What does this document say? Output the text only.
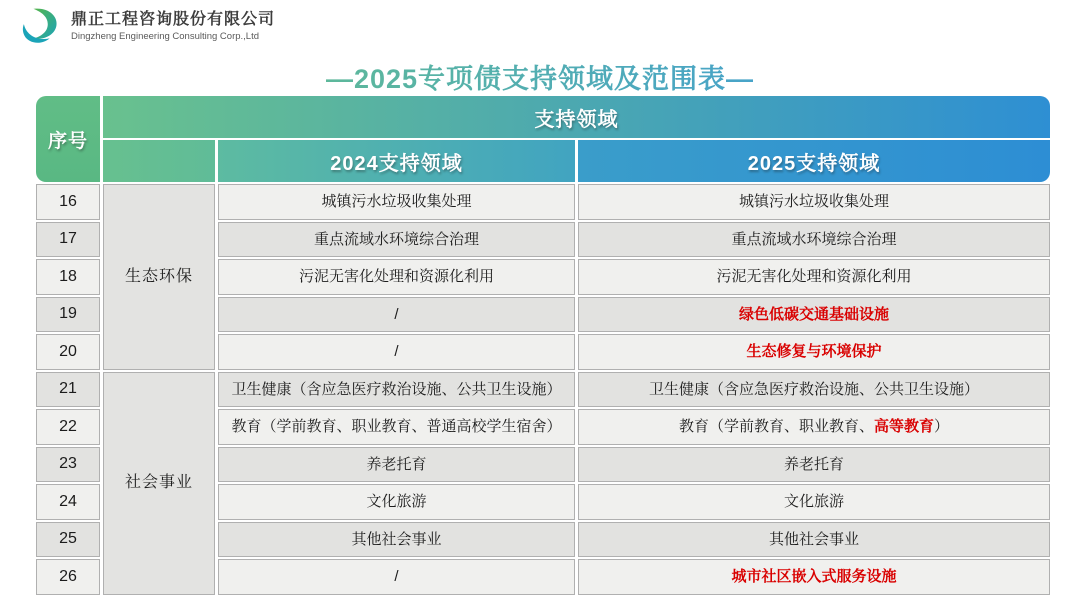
鼎正工程咨询股份有限公司
Dingzheng Engineering Consulting Corp.,Ltd
—2025专项债支持领域及范围表—
序号
支持领域
2024支持领域	2025支持领域
生态环保
16	城镇污水垃圾收集处理	城镇污水垃圾收集处理
17	重点流域水环境综合治理	重点流域水环境综合治理
18	污泥无害化处理和资源化利用	污泥无害化处理和资源化利用
19	/	绿色低碳交通基础设施
20	/	生态修复与环境保护
社会事业
21	卫生健康（含应急医疗救治设施、公共卫生设施）	卫生健康（含应急医疗救治设施、公共卫生设施）
22	教育（学前教育、职业教育、普通高校学生宿舍）	教育（学前教育、职业教育、 高等教育 ）
23	养老托育	养老托育
24	文化旅游	文化旅游
25	其他社会事业	其他社会事业
26	/	城市社区嵌入式服务设施
